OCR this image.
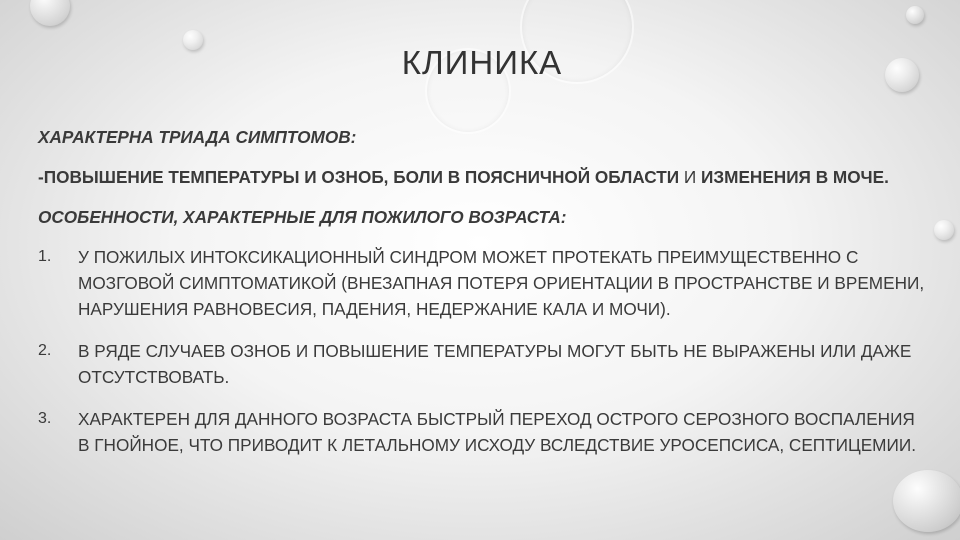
КЛИНИКА

ХАРАКТЕРНА ТРИАДА СИМПТОМОВ:

-ПОВЫШЕНИЕ ТЕМПЕРАТУРЫ И ОЗНОБ, БОЛИ В ПОЯСНИЧНОЙ ОБЛАСТИ И ИЗМЕНЕНИЯ В МОЧЕ.

ОСОБЕННОСТИ, ХАРАКТЕРНЫЕ ДЛЯ ПОЖИЛОГО ВОЗРАСТА:

1.	У ПОЖИЛЫХ ИНТОКСИКАЦИОННЫЙ СИНДРОМ МОЖЕТ ПРОТЕКАТЬ ПРЕИМУЩЕСТВЕННО С МОЗГОВОЙ СИМПТОМАТИКОЙ (ВНЕЗАПНАЯ ПОТЕРЯ ОРИЕНТАЦИИ В ПРОСТРАНСТВЕ И ВРЕМЕНИ, НАРУШЕНИЯ РАВНОВЕСИЯ, ПАДЕНИЯ, НЕДЕРЖАНИЕ КАЛА И МОЧИ).
2.	В РЯДЕ СЛУЧАЕВ ОЗНОБ И ПОВЫШЕНИЕ ТЕМПЕРАТУРЫ МОГУТ БЫТЬ НЕ ВЫРАЖЕНЫ ИЛИ ДАЖЕ ОТСУТСТВОВАТЬ.
3.	ХАРАКТЕРЕН ДЛЯ ДАННОГО ВОЗРАСТА БЫСТРЫЙ ПЕРЕХОД ОСТРОГО СЕРОЗНОГО ВОСПАЛЕНИЯ В ГНОЙНОЕ, ЧТО ПРИВОДИТ К ЛЕТАЛЬНОМУ ИСХОДУ ВСЛЕДСТВИЕ УРОСЕПСИСА, СЕПТИЦЕМИИ.
